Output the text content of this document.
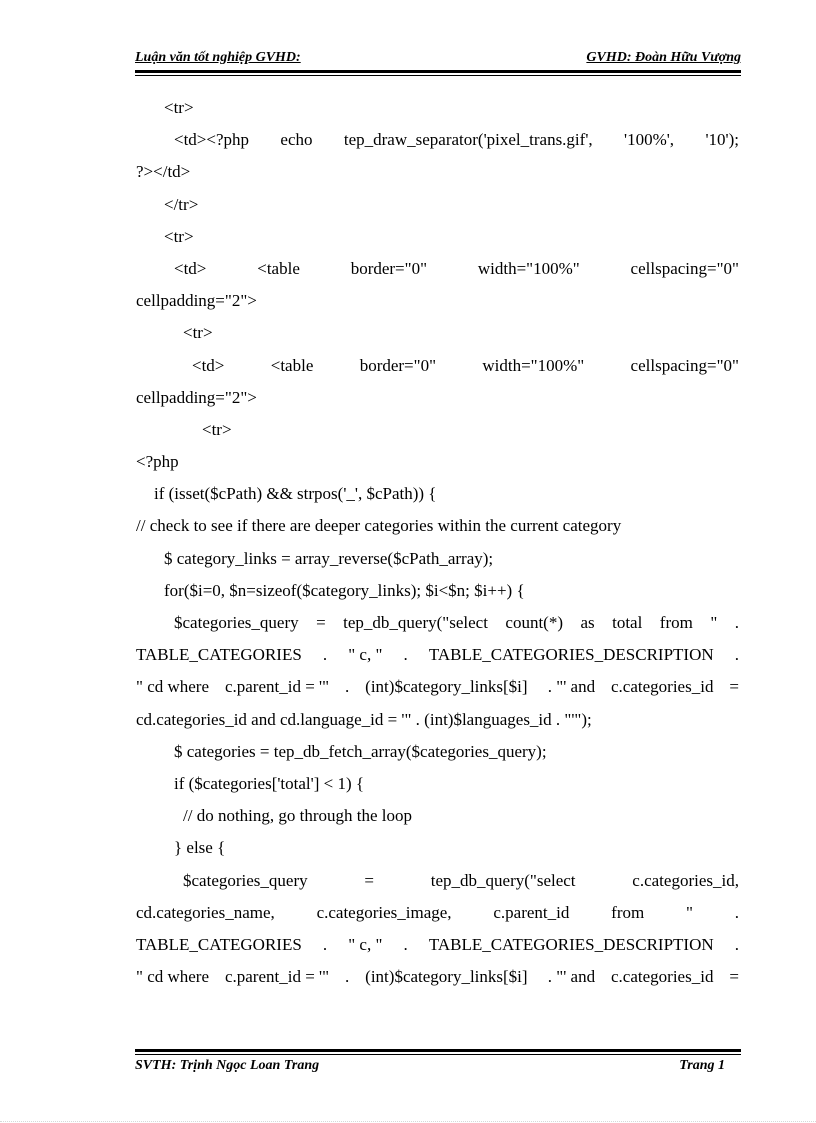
Luận văn tốt nghiệp GVHD:	GVHD: Đoàn Hữu Vượng
<tr>
<td><?php echo tep_draw_separator('pixel_trans.gif', '100%', '10');
?></td>
</tr>
<tr>
<td>	<table	border="0"	width="100%"	cellspacing="0"
cellpadding="2">
<tr>
<td>	<table	border="0"	width="100%"	cellspacing="0"
cellpadding="2">
<tr>
<?php
if (isset($cPath) && strpos('_', $cPath)) {
// check to see if there are deeper categories within the current category
$ category_links = array_reverse($cPath_array);
for($i=0, $n=sizeof($category_links); $i<$n; $i++) {
$categories_query = tep_db_query("select count(*) as total from " .
TABLE_CATEGORIES . " c, " . TABLE_CATEGORIES_DESCRIPTION .
" cd where c.parent_id = '" . (int)$category_links[$i] . "' and c.categories_id =
cd.categories_id and cd.language_id = '" . (int)$languages_id . "'");
$ categories = tep_db_fetch_array($categories_query);
if ($categories['total'] < 1) {
// do nothing, go through the loop
} else {
$categories_query	=	tep_db_query("select	c.categories_id,
cd.categories_name, c.categories_image, c.parent_id from " .
TABLE_CATEGORIES . " c, " . TABLE_CATEGORIES_DESCRIPTION .
" cd where c.parent_id = '" . (int)$category_links[$i] . "' and c.categories_id =
SVTH: Trịnh Ngọc Loan Trang	Trang 1
